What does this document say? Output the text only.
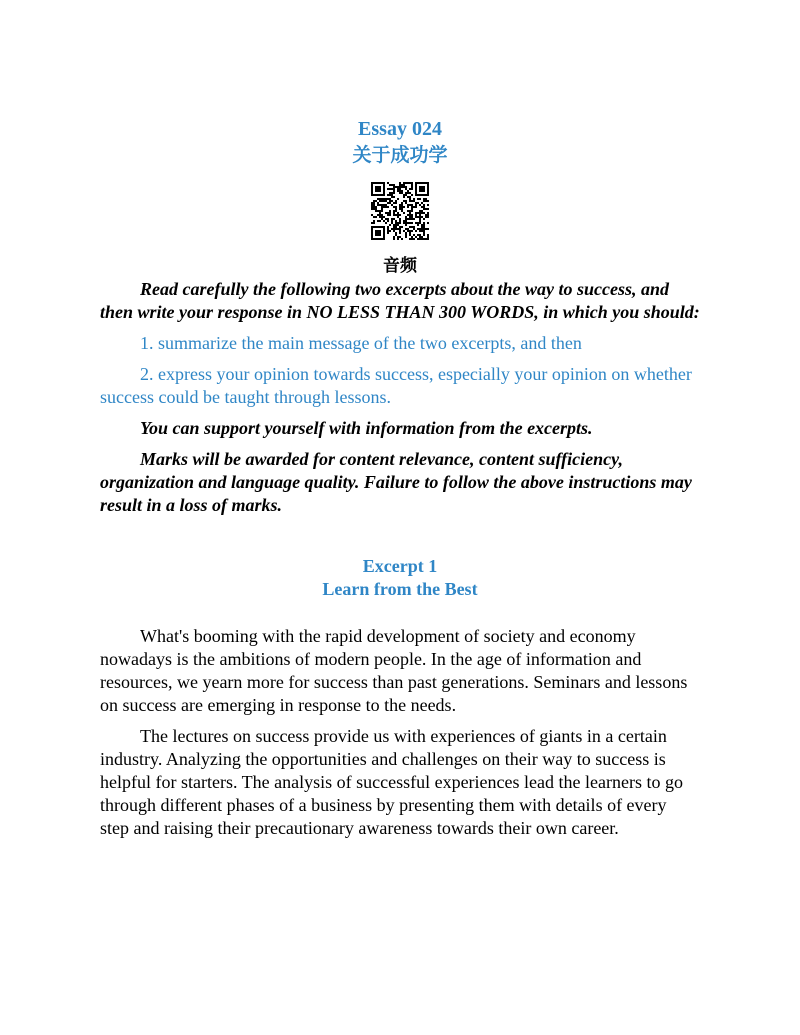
Essay 024

关于成功学

音频

Read carefully the following two excerpts about the way to success, and then write your response in NO LESS THAN 300 WORDS, in which you should:

1. summarize the main message of the two excerpts, and then

2. express your opinion towards success, especially your opinion on whether success could be taught through lessons.

You can support yourself with information from the excerpts.

Marks will be awarded for content relevance, content sufficiency, organization and language quality. Failure to follow the above instructions may result in a loss of marks.

Excerpt 1
Learn from the Best

What's booming with the rapid development of society and economy nowadays is the ambitions of modern people. In the age of information and resources, we yearn more for success than past generations. Seminars and lessons on success are emerging in response to the needs.

The lectures on success provide us with experiences of giants in a certain industry. Analyzing the opportunities and challenges on their way to success is helpful for starters. The analysis of successful experiences lead the learners to go through different phases of a business by presenting them with details of every step and raising their precautionary awareness towards their own career.
